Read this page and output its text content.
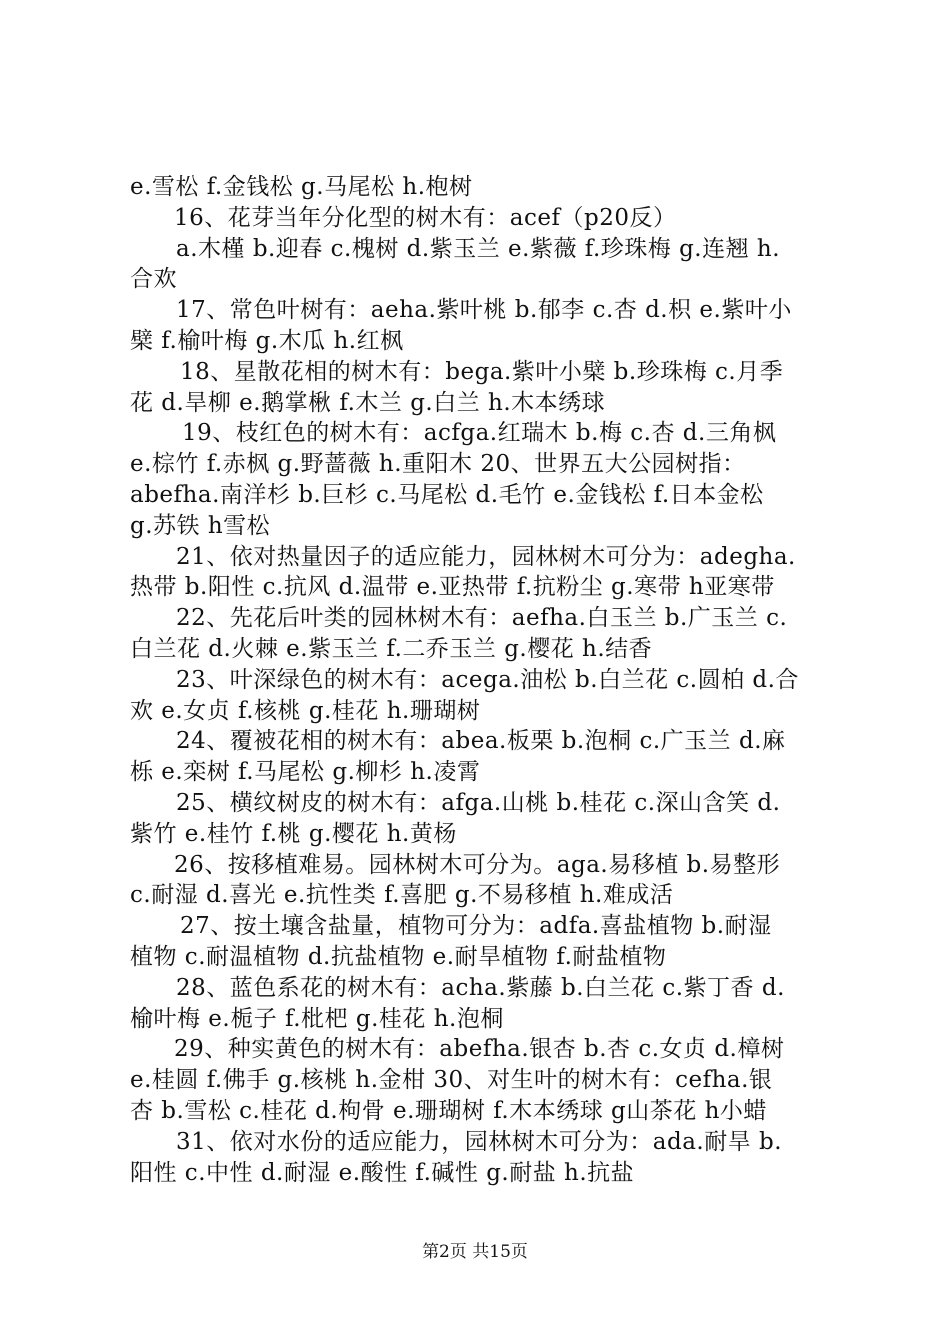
e.雪松 f.金钱松 g.马尾松 h.枹树
16、花芽当年分化型的树木有：acef（p20反）
a.木槿 b.迎春 c.槐树 d.紫玉兰 e.紫薇 f.珍珠梅 g.连翘 h.
合欢
17、常色叶树有：aeha.紫叶桃 b.郁李 c.杏 d.枳 e.紫叶小
檗 f.榆叶梅 g.木瓜 h.红枫
18、星散花相的树木有：bega.紫叶小檗 b.珍珠梅 c.月季
花 d.旱柳 e.鹅掌楸 f.木兰 g.白兰 h.木本绣球
19、枝红色的树木有：acfga.红瑞木 b.梅 c.杏 d.三角枫
e.棕竹 f.赤枫 g.野蔷薇 h.重阳木 20、世界五大公园树指：
abefha.南洋杉 b.巨杉 c.马尾松 d.毛竹 e.金钱松 f.日本金松
g.苏铁 h雪松
21、依对热量因子的适应能力，园林树木可分为：adegha.
热带 b.阳性 c.抗风 d.温带 e.亚热带 f.抗粉尘 g.寒带 h亚寒带
22、先花后叶类的园林树木有：aefha.白玉兰 b.广玉兰 c.
白兰花 d.火棘 e.紫玉兰 f.二乔玉兰 g.樱花 h.结香
23、叶深绿色的树木有：acega.油松 b.白兰花 c.圆柏 d.合
欢 e.女贞 f.核桃 g.桂花 h.珊瑚树
24、覆被花相的树木有：abea.板栗 b.泡桐 c.广玉兰 d.麻
栎 e.栾树 f.马尾松 g.柳杉 h.凌霄
25、横纹树皮的树木有：afga.山桃 b.桂花 c.深山含笑 d.
紫竹 e.桂竹 f.桃 g.樱花 h.黄杨
26、按移植难易。园林树木可分为。aga.易移植 b.易整形
c.耐湿 d.喜光 e.抗性类 f.喜肥 g.不易移植 h.难成活
27、按土壤含盐量，植物可分为：adfa.喜盐植物 b.耐湿
植物 c.耐温植物 d.抗盐植物 e.耐旱植物 f.耐盐植物
28、蓝色系花的树木有：acha.紫藤 b.白兰花 c.紫丁香 d.
榆叶梅 e.栀子 f.枇杷 g.桂花 h.泡桐
29、种实黄色的树木有：abefha.银杏 b.杏 c.女贞 d.樟树
e.桂圆 f.佛手 g.核桃 h.金柑 30、对生叶的树木有：cefha.银
杏 b.雪松 c.桂花 d.枸骨 e.珊瑚树 f.木本绣球 g山茶花 h小蜡
31、依对水份的适应能力，园林树木可分为：ada.耐旱 b.
阳性 c.中性 d.耐湿 e.酸性 f.碱性 g.耐盐 h.抗盐
第2页 共15页
